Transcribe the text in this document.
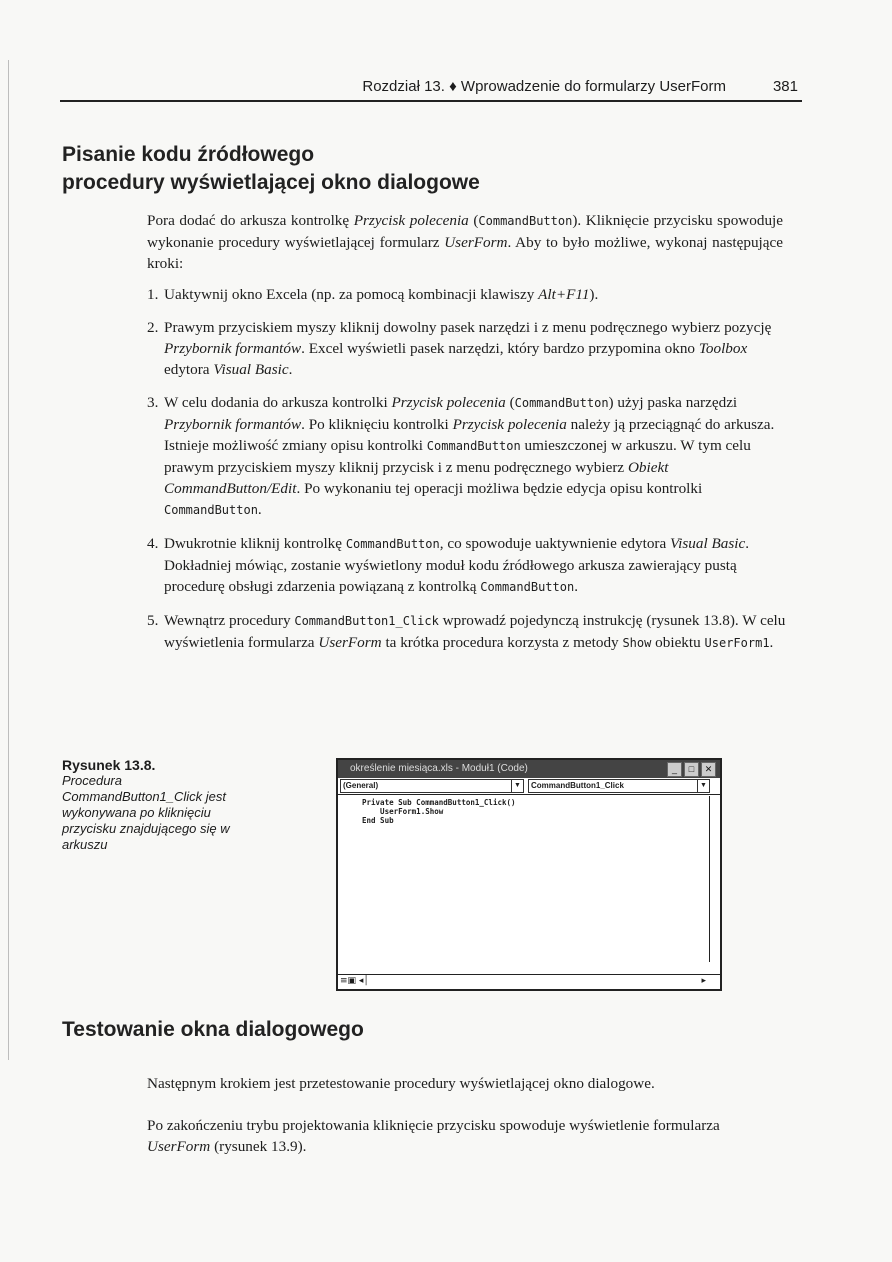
Rozdział 13. ♦ Wprowadzenie do formularzy UserForm	381
Pisanie kodu źródłowego
procedury wyświetlającej okno dialogowe

Pora dodać do arkusza kontrolkę Przycisk polecenia (CommandButton). Kliknięcie przycisku spowoduje wykonanie procedury wyświetlającej formularz UserForm. Aby to było możliwe, wykonaj następujące kroki:

1. Uaktywnij okno Excela (np. za pomocą kombinacji klawiszy Alt+F11).
2. Prawym przyciskiem myszy kliknij dowolny pasek narzędzi i z menu podręcznego wybierz pozycję Przybornik formantów. Excel wyświetli pasek narzędzi, który bardzo przypomina okno Toolbox edytora Visual Basic.
3. W celu dodania do arkusza kontrolki Przycisk polecenia (CommandButton) użyj paska narzędzi Przybornik formantów. Po kliknięciu kontrolki Przycisk polecenia należy ją przeciągnąć do arkusza. Istnieje możliwość zmiany opisu kontrolki CommandButton umieszczonej w arkuszu. W tym celu prawym przyciskiem myszy kliknij przycisk i z menu podręcznego wybierz Obiekt CommandButton/Edit. Po wykonaniu tej operacji możliwa będzie edycja opisu kontrolki CommandButton.
4. Dwukrotnie kliknij kontrolkę CommandButton, co spowoduje uaktywnienie edytora Visual Basic. Dokładniej mówiąc, zostanie wyświetlony moduł kodu źródłowego arkusza zawierający pustą procedurę obsługi zdarzenia powiązaną z kontrolką CommandButton.
5. Wewnątrz procedury CommandButton1_Click wprowadź pojedynczą instrukcję (rysunek 13.8). W celu wyświetlenia formularza UserForm ta krótka procedura korzysta z metody Show obiektu UserForm1.
Rysunek 13.8.
Procedura CommandButton1_Click jest wykonywana po kliknięciu przycisku znajdującego się w arkuszu
określenie miesiąca.xls - Moduł1 (Code)	_	□	✕
(General)	▼	CommandButton1_Click	▼
Private Sub CommandButton1_Click()
UserForm1.Show
End Sub
≡▣ ◂│	▸
Testowanie okna dialogowego

Następnym krokiem jest przetestowanie procedury wyświetlającej okno dialogowe.

Po zakończeniu trybu projektowania kliknięcie przycisku spowoduje wyświetlenie formularza UserForm (rysunek 13.9).
